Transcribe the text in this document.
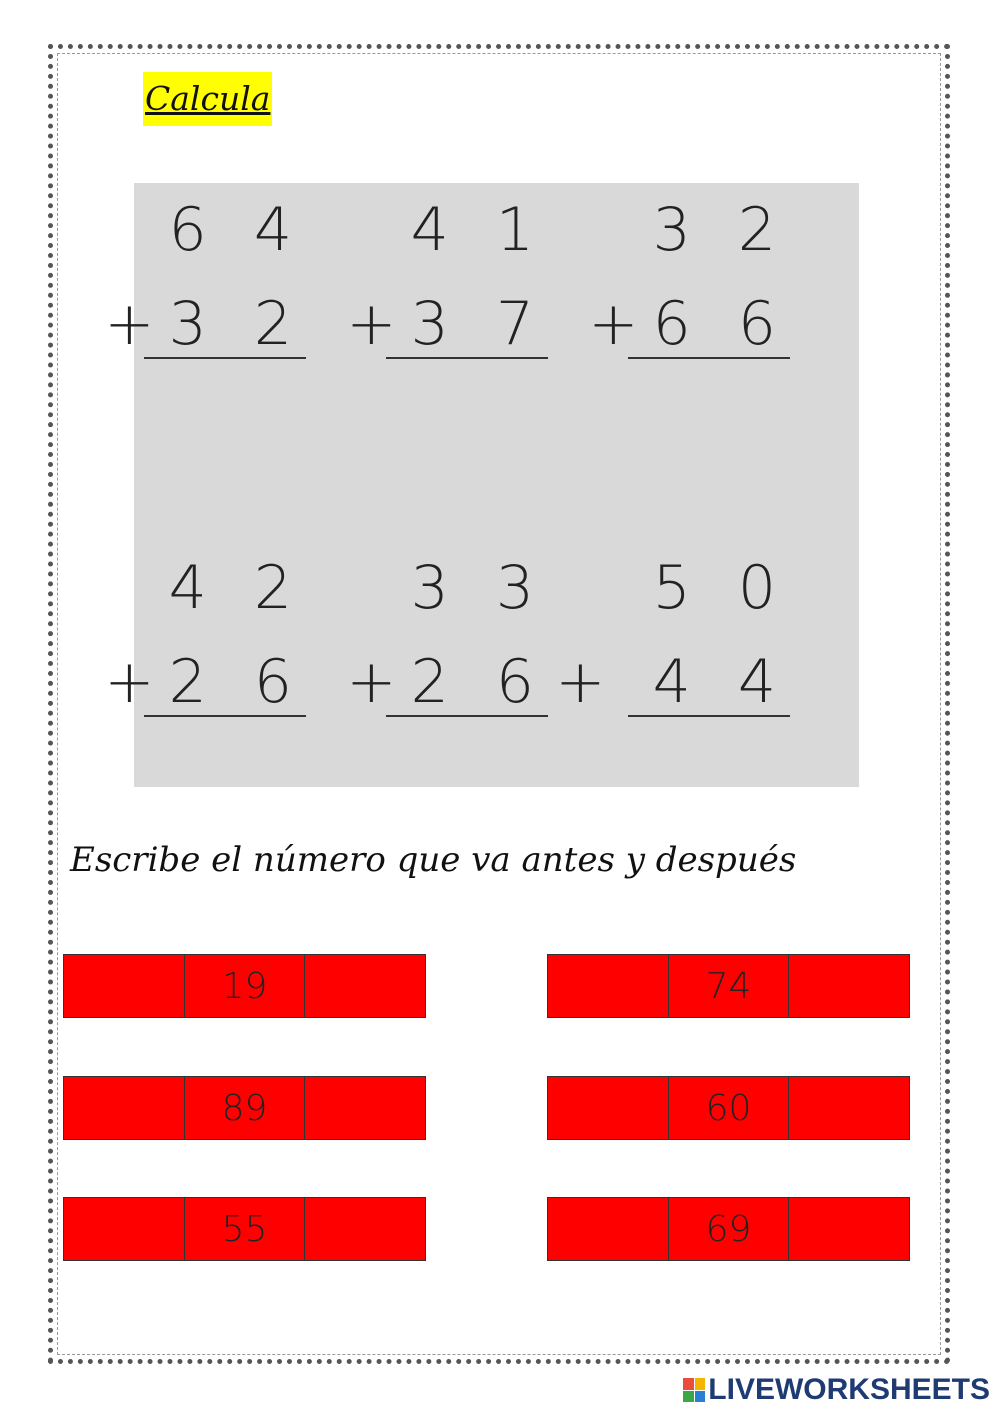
Calcula
6 4
+3 2
4 1
+3 7
3 2
+6 6
4 2
+2 6
3 3
+2 6
5 0
+ 4 4
Escribe el número que va antes y después
19	74
89	60
55	69
LIVEWORKSHEETS
